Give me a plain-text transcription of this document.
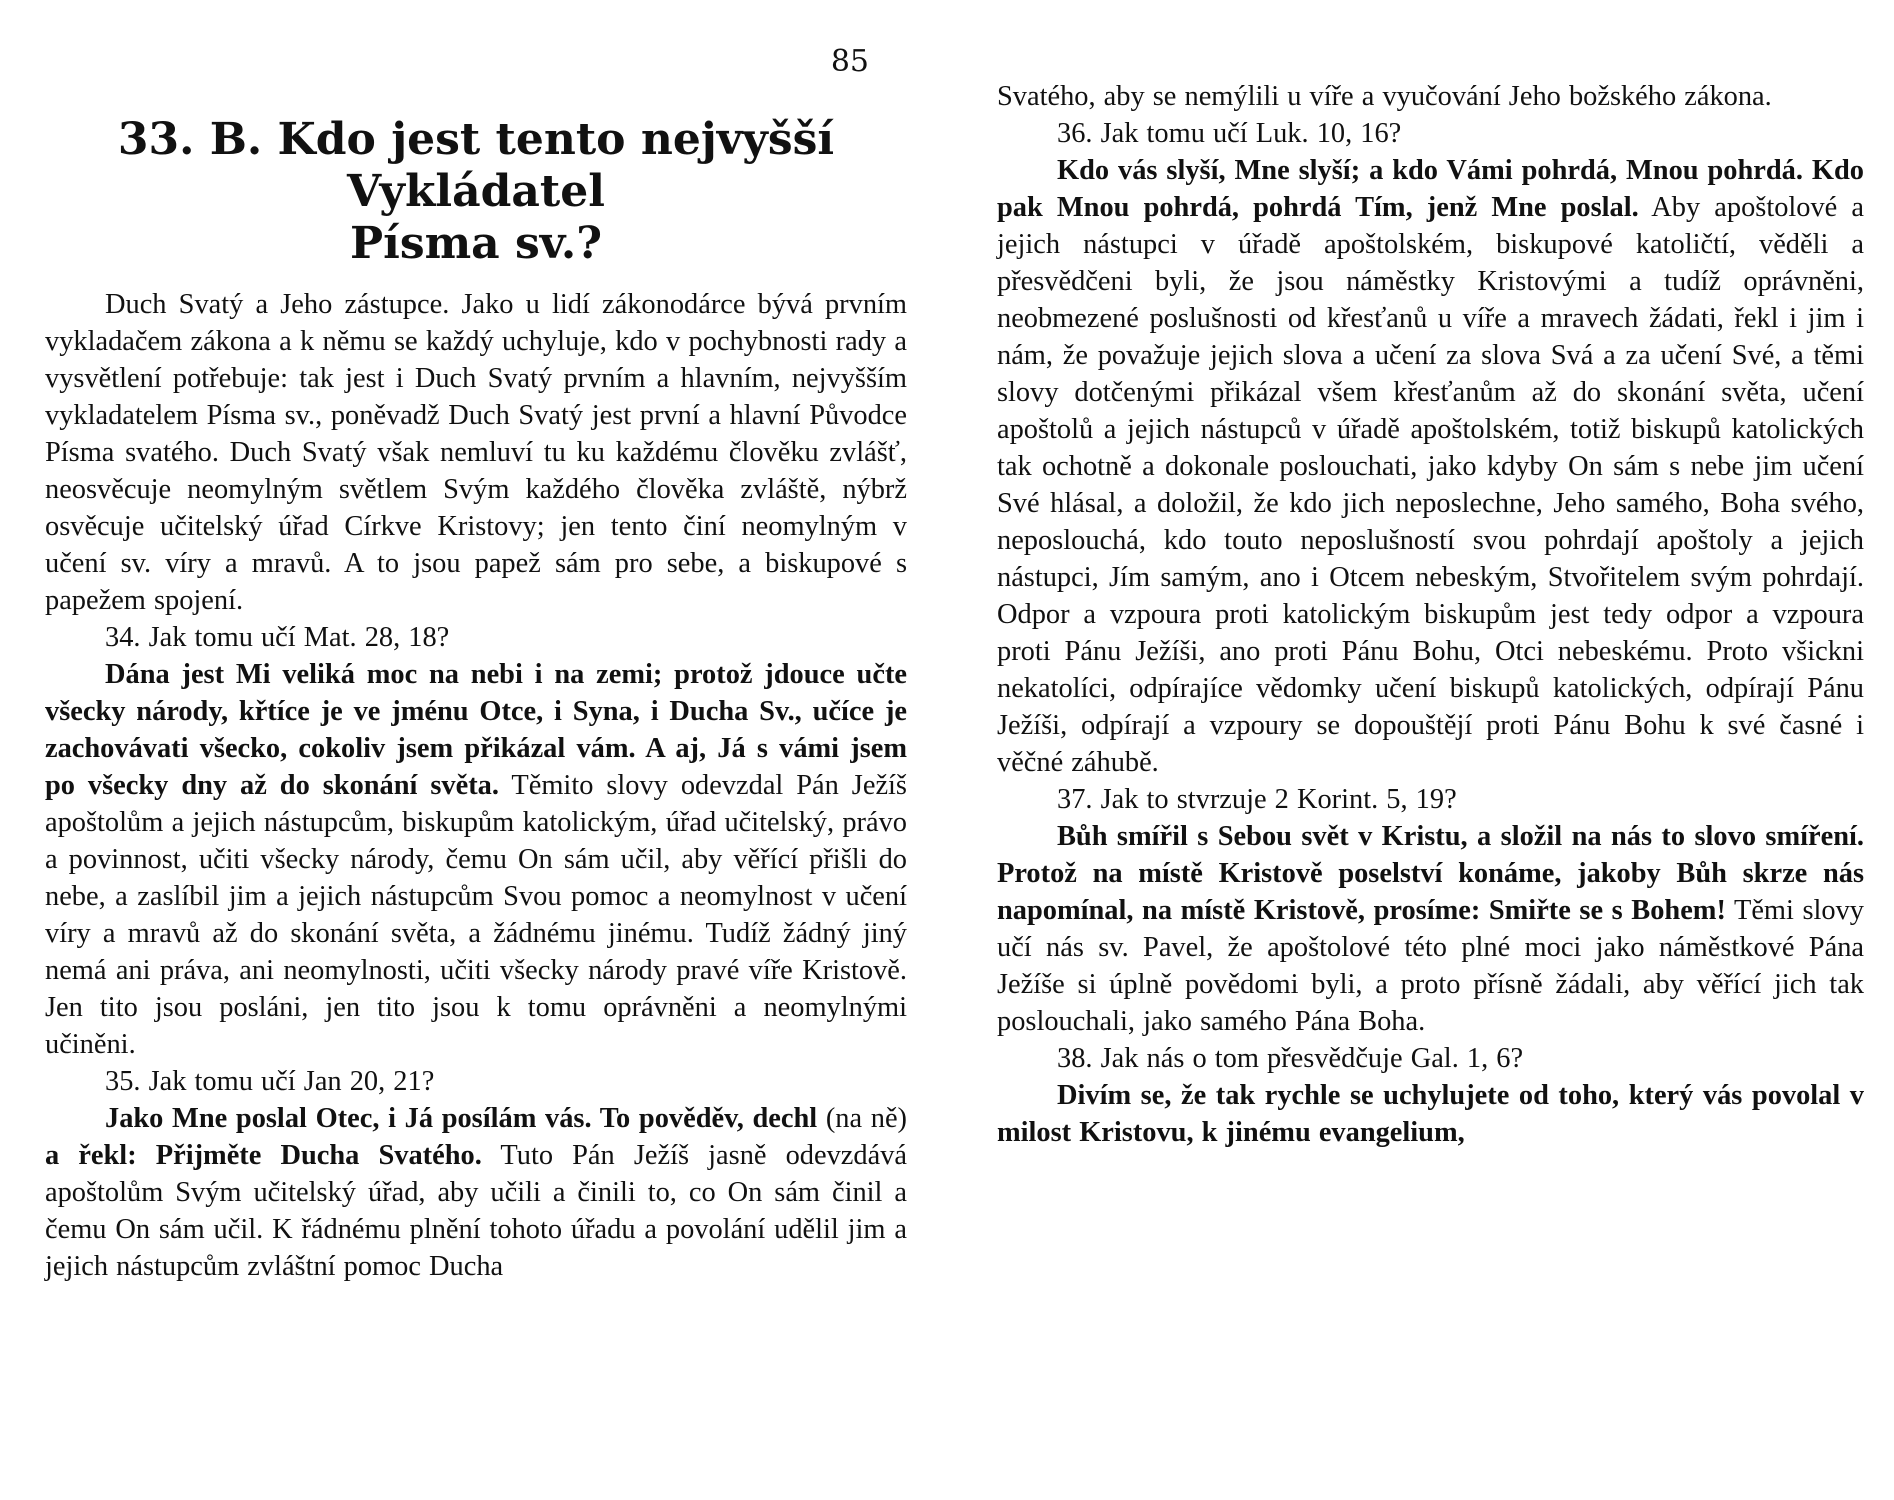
85
33. B. Kdo jest tento nejvyšší Vykládatel
Písma sv.?

Duch Svatý a Jeho zástupce. Jako u lidí zákonodárce bývá prvním vykladačem zákona a k němu se každý uchyluje, kdo v pochybnosti rady a vysvětlení potřebuje: tak jest i Duch Svatý prvním a hlavním, nejvyšším vykladatelem Písma sv., poněvadž Duch Svatý jest první a hlavní Původce Písma svatého. Duch Svatý však nemluví tu ku každému člověku zvlášť, neosvěcuje neomylným světlem Svým každého člověka zvláště, nýbrž osvěcuje učitelský úřad Církve Kristovy; jen tento činí neomylným v učení sv. víry a mravů. A to jsou papež sám pro sebe, a biskupové s papežem spojení.

34. Jak tomu učí Mat. 28, 18?

Dána jest Mi veliká moc na nebi i na zemi; protož jdouce učte všecky národy, křtíce je ve jménu Otce, i Syna, i Ducha Sv., učíce je zachovávati všecko, cokoliv jsem přikázal vám. A aj, Já s vámi jsem po všecky dny až do skonání světa. Těmito slovy odevzdal Pán Ježíš apoštolům a jejich nástupcům, biskupům katolickým, úřad učitelský, právo a povinnost, učiti všecky národy, čemu On sám učil, aby věřící přišli do nebe, a zaslíbil jim a jejich nástupcům Svou pomoc a neomylnost v učení víry a mravů až do skonání světa, a žádnému jinému. Tudíž žádný jiný nemá ani práva, ani neomylnosti, učiti všecky národy pravé víře Kristově. Jen tito jsou posláni, jen tito jsou k tomu oprávněni a neomylnými učiněni.

35. Jak tomu učí Jan 20, 21?

Jako Mne poslal Otec, i Já posílám vás. To pověděv, dechl (na ně) a řekl: Přijměte Ducha Svatého. Tuto Pán Ježíš jasně odevzdává apoštolům Svým učitelský úřad, aby učili a činili to, co On sám činil a čemu On sám učil. K řádnému plnění tohoto úřadu a povolání udělil jim a jejich nástupcům zvláštní pomoc Ducha

Svatého, aby se nemýlili u víře a vyučování Jeho božského zákona.

36. Jak tomu učí Luk. 10, 16?

Kdo vás slyší, Mne slyší; a kdo Vámi pohrdá, Mnou pohrdá. Kdo pak Mnou pohrdá, pohrdá Tím, jenž Mne poslal. Aby apoštolové a jejich nástupci v úřadě apoštolském, biskupové katoličtí, věděli a přesvědčeni byli, že jsou náměstky Kristovými a tudíž oprávněni, neobmezené poslušnosti od křesťanů u víře a mravech žádati, řekl i jim i nám, že považuje jejich slova a učení za slova Svá a za učení Své, a těmi slovy dotčenými přikázal všem křesťanům až do skonání světa, učení apoštolů a jejich nástupců v úřadě apoštolském, totiž biskupů katolických tak ochotně a dokonale poslouchati, jako kdyby On sám s nebe jim učení Své hlásal, a doložil, že kdo jich neposlechne, Jeho samého, Boha svého, neposlouchá, kdo touto neposlušností svou pohrdají apoštoly a jejich nástupci, Jím samým, ano i Otcem nebeským, Stvořitelem svým pohrdají. Odpor a vzpoura proti katolickým biskupům jest tedy odpor a vzpoura proti Pánu Ježíši, ano proti Pánu Bohu, Otci nebeskému. Proto všickni nekatolíci, odpírajíce vědomky učení biskupů katolických, odpírají Pánu Ježíši, odpírají a vzpoury se dopouštějí proti Pánu Bohu k své časné i věčné záhubě.

37. Jak to stvrzuje 2 Korint. 5, 19?

Bůh smířil s Sebou svět v Kristu, a složil na nás to slovo smíření. Protož na místě Kristově poselství konáme, jakoby Bůh skrze nás napomínal, na místě Kristově, prosíme: Smiřte se s Bohem! Těmi slovy učí nás sv. Pavel, že apoštolové této plné moci jako náměstkové Pána Ježíše si úplně povědomi byli, a proto přísně žádali, aby věřící jich tak poslouchali, jako samého Pána Boha.

38. Jak nás o tom přesvědčuje Gal. 1, 6?

Divím se, že tak rychle se uchylujete od toho, který vás povolal v milost Kristovu, k jinému evangelium,
